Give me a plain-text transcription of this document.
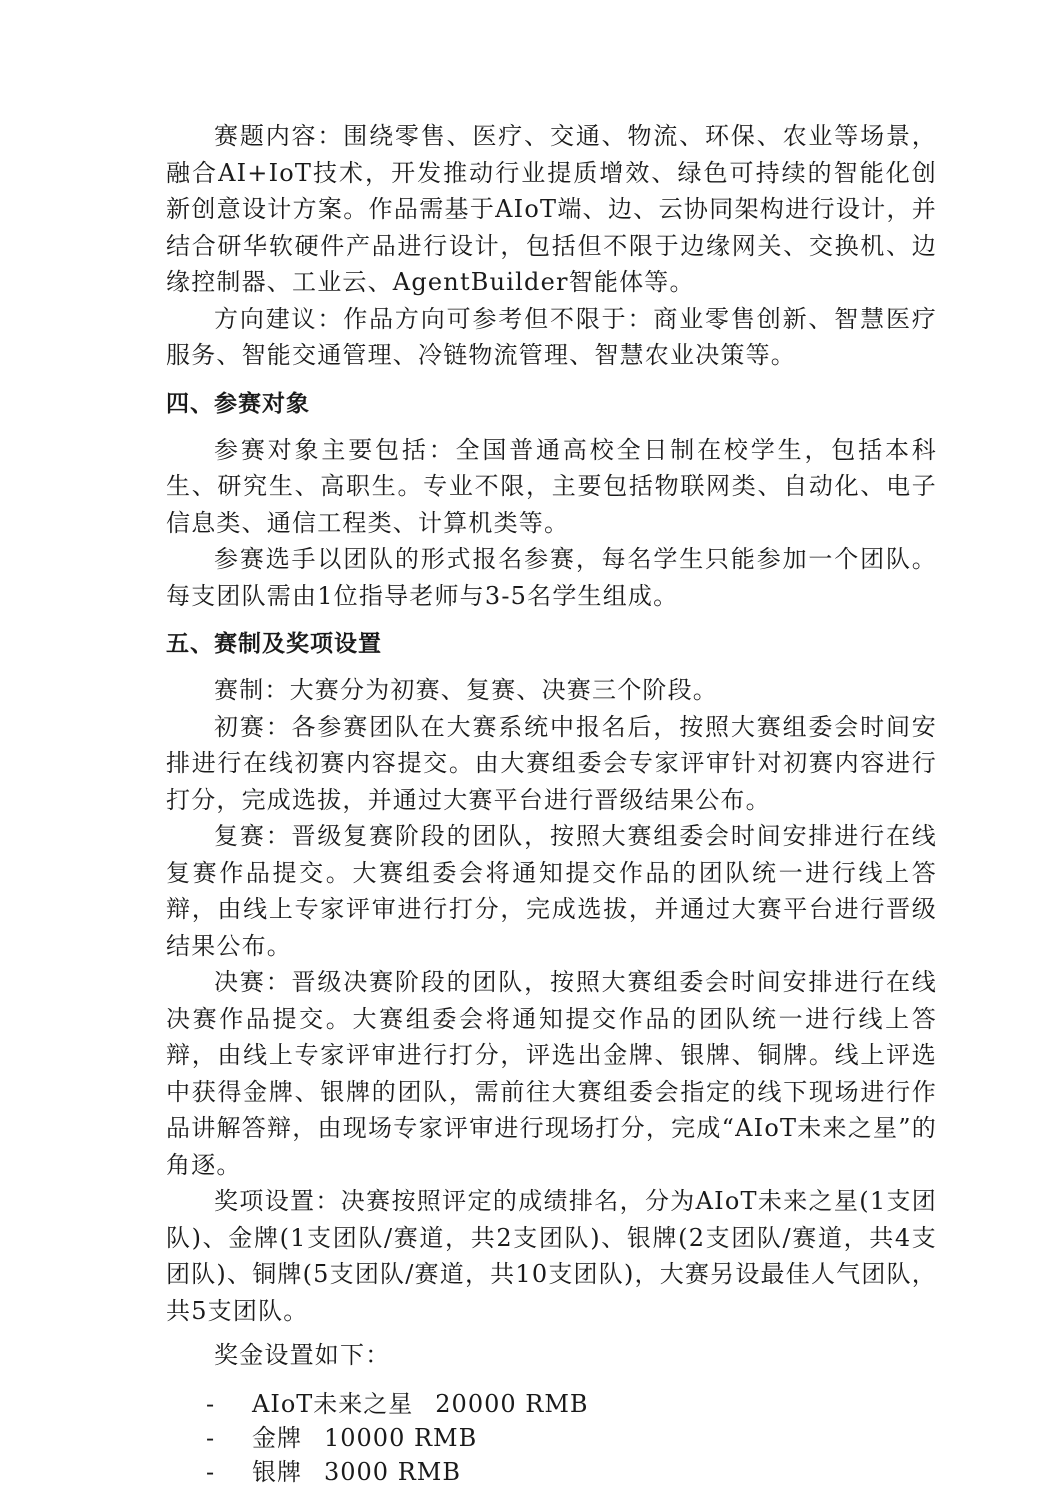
赛题内容：围绕零售、医疗、交通、物流、环保、农业等场景，融合AI+IoT技术，开发推动行业提质增效、绿色可持续的智能化创新创意设计方案。作品需基于AIoT端、边、云协同架构进行设计，并结合研华软硬件产品进行设计，包括但不限于边缘网关、交换机、边缘控制器、工业云、AgentBuilder智能体等。

方向建议：作品方向可参考但不限于：商业零售创新、智慧医疗服务、智能交通管理、冷链物流管理、智慧农业决策等。

四、参赛对象

参赛对象主要包括：全国普通高校全日制在校学生，包括本科生、研究生、高职生。专业不限，主要包括物联网类、自动化、电子信息类、通信工程类、计算机类等。

参赛选手以团队的形式报名参赛，每名学生只能参加一个团队。每支团队需由1位指导老师与3-5名学生组成。

五、赛制及奖项设置

赛制：大赛分为初赛、复赛、决赛三个阶段。

初赛：各参赛团队在大赛系统中报名后，按照大赛组委会时间安排进行在线初赛内容提交。由大赛组委会专家评审针对初赛内容进行打分，完成选拔，并通过大赛平台进行晋级结果公布。

复赛：晋级复赛阶段的团队，按照大赛组委会时间安排进行在线复赛作品提交。大赛组委会将通知提交作品的团队统一进行线上答辩，由线上专家评审进行打分，完成选拔，并通过大赛平台进行晋级结果公布。

决赛：晋级决赛阶段的团队，按照大赛组委会时间安排进行在线决赛作品提交。大赛组委会将通知提交作品的团队统一进行线上答辩，由线上专家评审进行打分，评选出金牌、银牌、铜牌。线上评选中获得金牌、银牌的团队，需前往大赛组委会指定的线下现场进行作品讲解答辩，由现场专家评审进行现场打分，完成“AIoT未来之星”的角逐。

奖项设置：决赛按照评定的成绩排名，分为AIoT未来之星(1支团队)、金牌(1支团队/赛道，共2支团队)、银牌(2支团队/赛道，共4支团队)、铜牌(5支团队/赛道，共10支团队)，大赛另设最佳人气团队，共5支团队。

奖金设置如下：

-	AIoT未来之星 20000 RMB
-	金牌 10000 RMB
-	银牌 3000 RMB
